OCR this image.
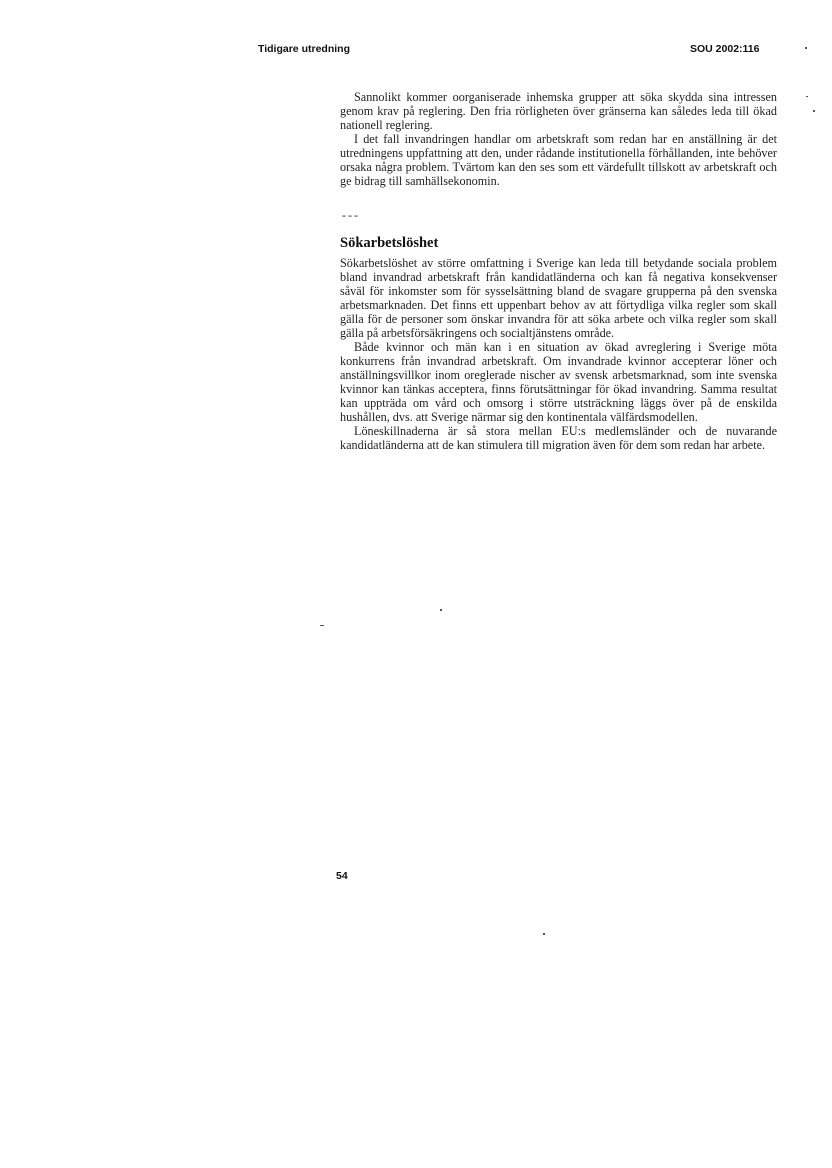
Tidigare utredning	SOU 2002:116

Sannolikt kommer oorganiserade inhemska grupper att söka skydda sina intressen genom krav på reglering. Den fria rörligheten över gränserna kan således leda till ökad nationell reglering.

I det fall invandringen handlar om arbetskraft som redan har en anställning är det utredningens uppfattning att den, under rådande institutionella förhållanden, inte behöver orsaka några problem. Tvärtom kan den ses som ett värdefullt tillskott av arbetskraft och ge bidrag till samhällsekonomin.

---
Sökarbetslöshet

Sökarbetslöshet av större omfattning i Sverige kan leda till betydande sociala problem bland invandrad arbetskraft från kandidatländerna och kan få negativa konsekvenser såväl för inkomster som för sysselsättning bland de svagare grupperna på den svenska arbetsmarknaden. Det finns ett uppenbart behov av att förtydliga vilka regler som skall gälla för de personer som önskar invandra för att söka arbete och vilka regler som skall gälla på arbetsförsäkringens och socialtjänstens område.

Både kvinnor och män kan i en situation av ökad avreglering i Sverige möta konkurrens från invandrad arbetskraft. Om invandrade kvinnor accepterar löner och anställningsvillkor inom oreglerade nischer av svensk arbetsmarknad, som inte svenska kvinnor kan tänkas acceptera, finns förutsättningar för ökad invandring. Samma resultat kan uppträda om vård och omsorg i större utsträckning läggs över på de enskilda hushållen, dvs. att Sverige närmar sig den kontinentala välfärdsmodellen.

Löneskillnaderna är så stora mellan EU:s medlemsländer och de nuvarande kandidatländerna att de kan stimulera till migration även för dem som redan har arbete.

54
